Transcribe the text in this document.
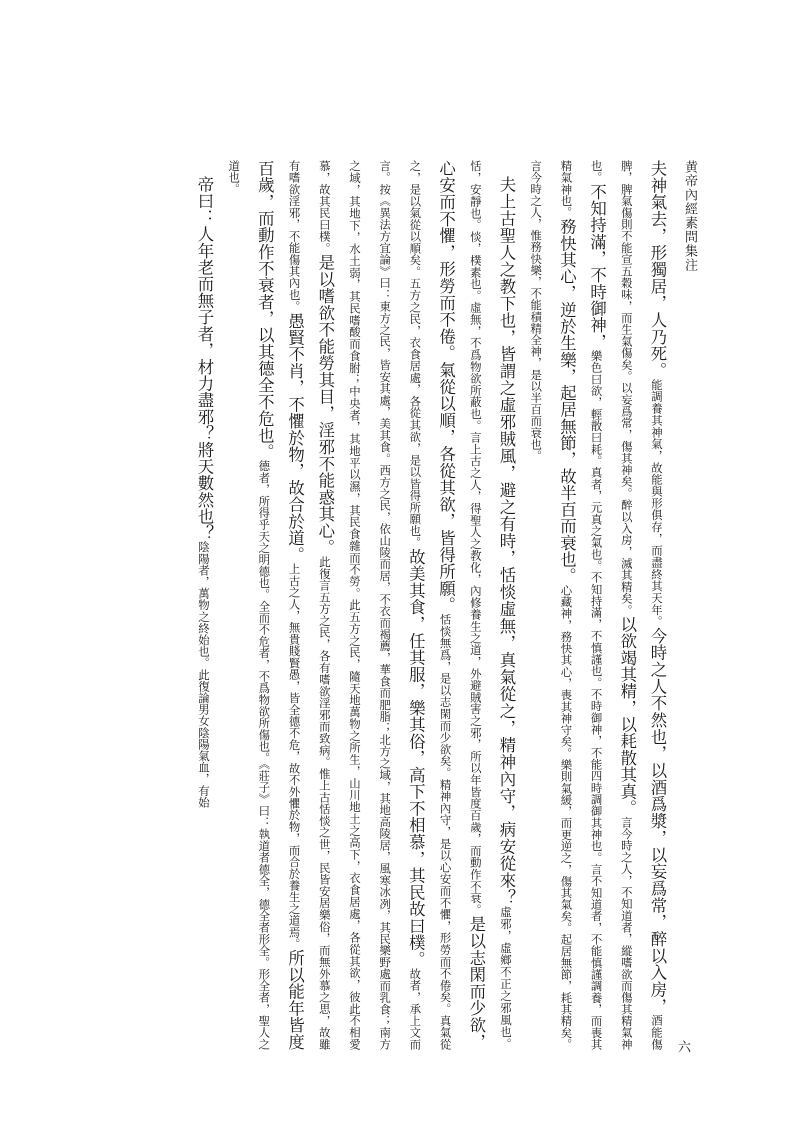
黄帝內經素問集注
六

夫神氣去，形獨居，人乃死。能調養其神氣，故能與形俱存，而盡終其天年。今時之人不然也，以酒爲漿，以妄爲常，醉以入房，酒能傷脾，脾氣傷則不能宣五穀味，而生氣傷矣。以妄爲常，傷其神矣。醉以入房，滅其精矣。以欲竭其精，以耗散其真。言今時之人，不知道者，縱嗜欲而傷其精氣神也。不知持滿，不時御神，樂色曰欲，輕散曰耗。真者，元真之氣也。不知持滿，不慎謹也。不時御神，不能四時調御其神也。言不知道者，不能慎謹調養，而喪其精氣神也。務快其心，逆於生樂，起居無節，故半百而衰也。心藏神，務快其心，喪其神守矣。樂則氣緩，而更逆之，傷其氣矣。起居無節，耗其精矣。言今時之人，惟務快樂，不能積精全神，是以半百而衰也。

夫上古聖人之教下也，皆謂之虛邪賊風，避之有時，恬惔虛無，真氣從之，精神內守，病安從來？虛邪，虛鄉不正之邪風也。恬，安靜也。惔，樸素也。虛無，不爲物欲所蔽也。言上古之人，得聖人之教化，內修養生之道，外避賊害之邪，所以年皆度百歲，而動作不衰。是以志閑而少欲，心安而不懼，形勞而不倦。氣從以順，各從其欲，皆得所願。恬惔無爲，是以志閑而少欲矣。精神內守，是以心安而不懼，形勞而不倦矣。真氣從之，是以氣從以順矣。五方之民，衣食居處，各從其欲，是以皆得所願也。故美其食，任其服，樂其俗，高下不相慕，其民故曰樸。故者，承上文而言。按《異法方宜論》曰：東方之民，皆安其處，美其食。西方之民，依山陵而居，不衣而褐薦，華食而肥脂；北方之域，其地高陵居，風寒冰冽，其民樂野處而乳食；南方之域，其地下，水土弱，其民嗜酸而食胕；中央者，其地平以濕，其民食雜而不勞。此五方之民，隨天地萬物之所生，山川地土之高下，衣食居處，各從其欲，彼此不相愛慕，故其民曰樸。是以嗜欲不能勞其目，淫邪不能惑其心。此復言五方之民，各有嗜欲淫邪而致病。惟上古恬惔之世，民皆安居樂俗，而無外慕之思，故雖有嗜欲淫邪，不能傷其內也。愚賢不肖，不懼於物，故合於道。上古之人，無貴賤賢愚，皆全德不危，故不外懼於物，而合於養生之道焉。所以能年皆度百歲，而動作不衰者，以其德全不危也。德者，所得乎天之明德也。全而不危者，不爲物欲所傷也。《莊子》曰：執道者德全，德全者形全。形全者，聖人之道也。

帝曰：人年老而無子者，材力盡邪？將天數然也？陰陽者，萬物之終始也。此復論男女陰陽氣血，有始
